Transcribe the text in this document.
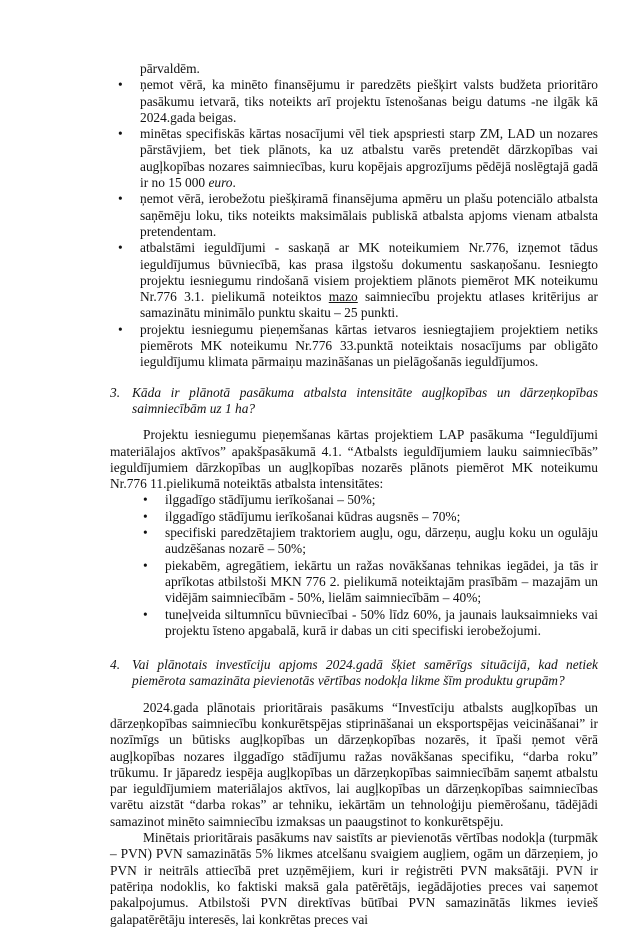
pārvaldēm.
• ņemot vērā, ka minēto finansējumu ir paredzēts piešķirt valsts budžeta prioritāro pasākumu ietvarā, tiks noteikts arī projektu īstenošanas beigu datums -ne ilgāk kā 2024.gada beigas.
• minētas specifiskās kārtas nosacījumi vēl tiek apspriesti starp ZM, LAD un nozares pārstāvjiem, bet tiek plānots, ka uz atbalstu varēs pretendēt dārzkopības vai augļkopības nozares saimniecības, kuru kopējais apgrozījums pēdējā noslēgtajā gadā ir no 15 000 euro.
• ņemot vērā, ierobežotu piešķiramā finansējuma apmēru un plašu potenciālo atbalsta saņēmēju loku, tiks noteikts maksimālais publiskā atbalsta apjoms vienam atbalsta pretendentam.
• atbalstāmi ieguldījumi - saskaņā ar MK noteikumiem Nr.776, izņemot tādus ieguldījumus būvniecībā, kas prasa ilgstošu dokumentu saskaņošanu. Iesniegto projektu iesniegumu rindošanā visiem projektiem plānots piemērot MK noteikumu Nr.776 3.1. pielikumā noteiktos mazo saimniecību projektu atlases kritērijus ar samazinātu minimālo punktu skaitu – 25 punkti.
• projektu iesniegumu pieņemšanas kārtas ietvaros iesniegtajiem projektiem netiks piemērots MK noteikumu Nr.776 33.punktā noteiktais nosacījums par obligāto ieguldījumu klimata pārmaiņu mazināšanas un pielāgošanās ieguldījumos.
3. Kāda ir plānotā pasākuma atbalsta intensitāte augļkopības un dārzeņkopības saimniecībām uz 1 ha?

Projektu iesniegumu pieņemšanas kārtas projektiem LAP pasākuma “Ieguldījumi materiālajos aktīvos” apakšpasākumā 4.1. “Atbalsts ieguldījumiem lauku saimniecībās” ieguldījumiem dārzkopības un augļkopības nozarēs plānots piemērot MK noteikumu Nr.776 11.pielikumā noteiktās atbalsta intensitātes:

• ilggadīgo stādījumu ierīkošanai – 50%;
• ilggadīgo stādījumu ierīkošanai kūdras augsnēs – 70%;
• specifiski paredzētajiem traktoriem augļu, ogu, dārzeņu, augļu koku un ogulāju audzēšanas nozarē – 50%;
• piekabēm, agregātiem, iekārtu un ražas novākšanas tehnikas iegādei, ja tās ir aprīkotas atbilstoši MKN 776 2. pielikumā noteiktajām prasībām – mazajām un vidējām saimniecībām - 50%, lielām saimniecībām – 40%;
• tuneļveida siltumnīcu būvniecībai - 50% līdz 60%, ja jaunais lauksaimnieks vai projektu īsteno apgabalā, kurā ir dabas un citi specifiski ierobežojumi.
4. Vai plānotais investīciju apjoms 2024.gadā šķiet samērīgs situācijā, kad netiek piemērota samazināta pievienotās vērtības nodokļa likme šīm produktu grupām?

2024.gada plānotais prioritārais pasākums “Investīciju atbalsts augļkopības un dārzeņkopības saimniecību konkurētspējas stiprināšanai un eksportspējas veicināšanai” ir nozīmīgs un būtisks augļkopības un dārzeņkopības nozarēs, it īpaši ņemot vērā augļkopības nozares ilggadīgo stādījumu ražas novākšanas specifiku, “darba roku” trūkumu. Ir jāparedz iespēja augļkopības un dārzeņkopības saimniecībām saņemt atbalstu par ieguldījumiem materiālajos aktīvos, lai augļkopības un dārzeņkopības saimniecības varētu aizstāt “darba rokas” ar tehniku, iekārtām un tehnoloģiju piemērošanu, tādējādi samazinot minēto saimniecību izmaksas un paaugstinot to konkurētspēju.

Minētais prioritārais pasākums nav saistīts ar pievienotās vērtības nodokļa (turpmāk – PVN) PVN samazinātās 5% likmes atcelšanu svaigiem augļiem, ogām un dārzeņiem, jo PVN ir neitrāls attiecībā pret uzņēmējiem, kuri ir reģistrēti PVN maksātāji. PVN ir patēriņa nodoklis, ko faktiski maksā gala patērētājs, iegādājoties preces vai saņemot pakalpojumus. Atbilstoši PVN direktīvas būtībai PVN samazinātās likmes ievieš galapatērētāju interesēs, lai konkrētas preces vai
